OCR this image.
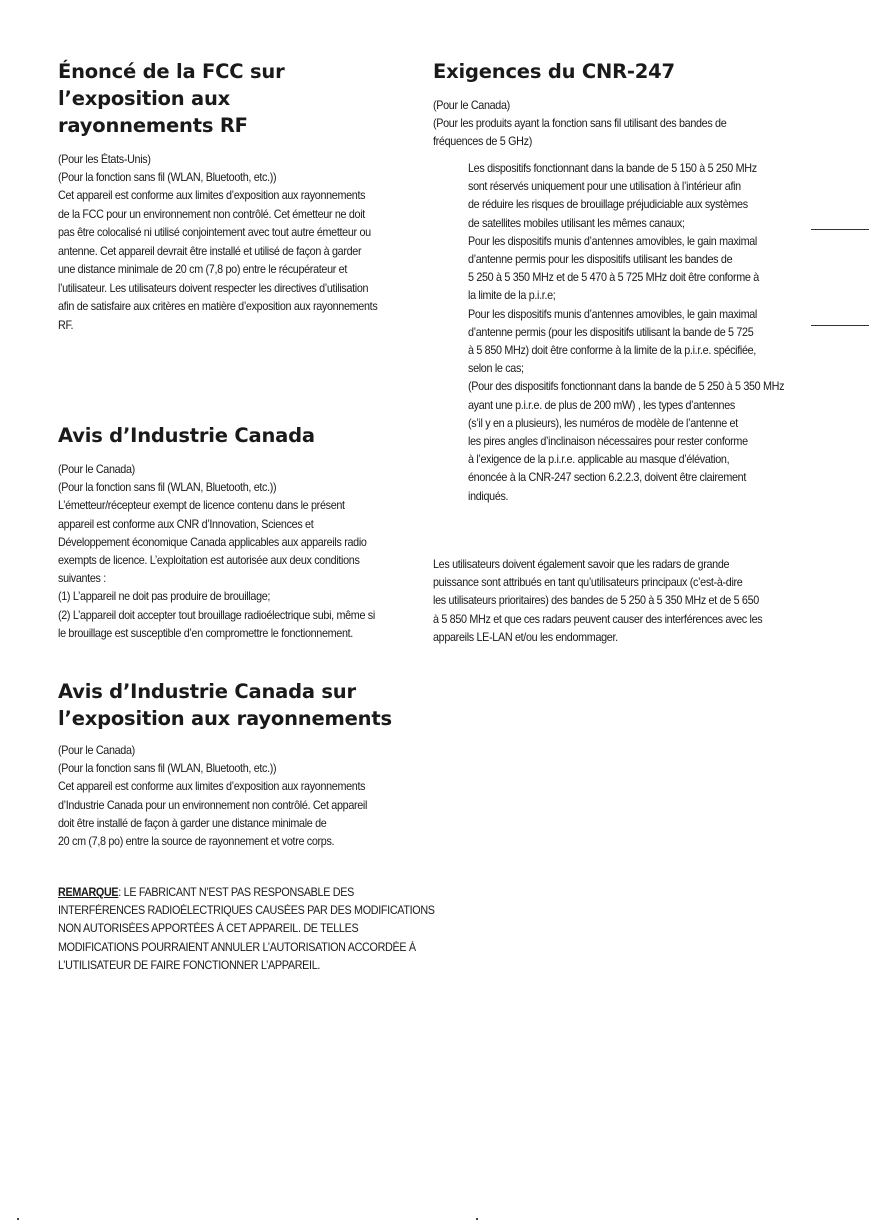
Énoncé de la FCC sur l’exposition aux
rayonnements RF

(Pour les États-Unis)

(Pour la fonction sans fil (WLAN, Bluetooth, etc.))

Cet appareil est conforme aux limites d’exposition aux rayonnements

de la FCC pour un environnement non contrôlé. Cet émetteur ne doit

pas être colocalisé ni utilisé conjointement avec tout autre émetteur ou

antenne. Cet appareil devrait être installé et utilisé de façon à garder

une distance minimale de 20 cm (7,8 po) entre le récupérateur et

l’utilisateur. Les utilisateurs doivent respecter les directives d’utilisation

afin de satisfaire aux critères en matière d’exposition aux rayonnements

RF.

Avis d’Industrie Canada

(Pour le Canada)

(Pour la fonction sans fil (WLAN, Bluetooth, etc.))

L’émetteur/récepteur exempt de licence contenu dans le présent

appareil est conforme aux CNR d’Innovation, Sciences et

Développement économique Canada applicables aux appareils radio

exempts de licence. L’exploitation est autorisée aux deux conditions

suivantes :

(1) L’appareil ne doit pas produire de brouillage;

(2) L’appareil doit accepter tout brouillage radioélectrique subi, même si

le brouillage est susceptible d’en compromettre le fonctionnement.

Avis d’Industrie Canada sur
l’exposition aux rayonnements

(Pour le Canada)

(Pour la fonction sans fil (WLAN, Bluetooth, etc.))

Cet appareil est conforme aux limites d’exposition aux rayonnements

d’Industrie Canada pour un environnement non contrôlé. Cet appareil

doit être installé de façon à garder une distance minimale de

20 cm (7,8 po) entre la source de rayonnement et votre corps.

REMARQUE: LE FABRICANT N’EST PAS RESPONSABLE DES

INTERFÉRENCES RADIOÉLECTRIQUES CAUSÉES PAR DES MODIFICATIONS

NON AUTORISÉES APPORTÉES À CET APPAREIL. DE TELLES

MODIFICATIONS POURRAIENT ANNULER L’AUTORISATION ACCORDÉE À

L’UTILISATEUR DE FAIRE FONCTIONNER L’APPAREIL.

Exigences du CNR-247

(Pour le Canada)

(Pour les produits ayant la fonction sans fil utilisant des bandes de

fréquences de 5 GHz)

Les dispositifs fonctionnant dans la bande de 5 150 à 5 250 MHz

sont réservés uniquement pour une utilisation à l’intérieur afin

de réduire les risques de brouillage préjudiciable aux systèmes

de satellites mobiles utilisant les mêmes canaux;

Pour les dispositifs munis d’antennes amovibles, le gain maximal

d’antenne permis pour les dispositifs utilisant les bandes de

5 250 à 5 350 MHz et de 5 470 à 5 725 MHz doit être conforme à

la limite de la p.i.r.e;

Pour les dispositifs munis d’antennes amovibles, le gain maximal

d’antenne permis (pour les dispositifs utilisant la bande de 5 725

à 5 850 MHz) doit être conforme à la limite de la p.i.r.e. spécifiée,

selon le cas;

(Pour des dispositifs fonctionnant dans la bande de 5 250 à 5 350 MHz

ayant une p.i.r.e. de plus de 200 mW) , les types d’antennes

(s’il y en a plusieurs), les numéros de modèle de l’antenne et

les pires angles d’inclinaison nécessaires pour rester conforme

à l’exigence de la p.i.r.e. applicable au masque d’élévation,

énoncée à la CNR-247 section 6.2.2.3, doivent être clairement

indiqués.

Les utilisateurs doivent également savoir que les radars de grande

puissance sont attribués en tant qu’utilisateurs principaux (c’est-à-dire

les utilisateurs prioritaires) des bandes de 5 250 à 5 350 MHz et de 5 650

à 5 850 MHz et que ces radars peuvent causer des interférences avec les

appareils LE-LAN et/ou les endommager.
